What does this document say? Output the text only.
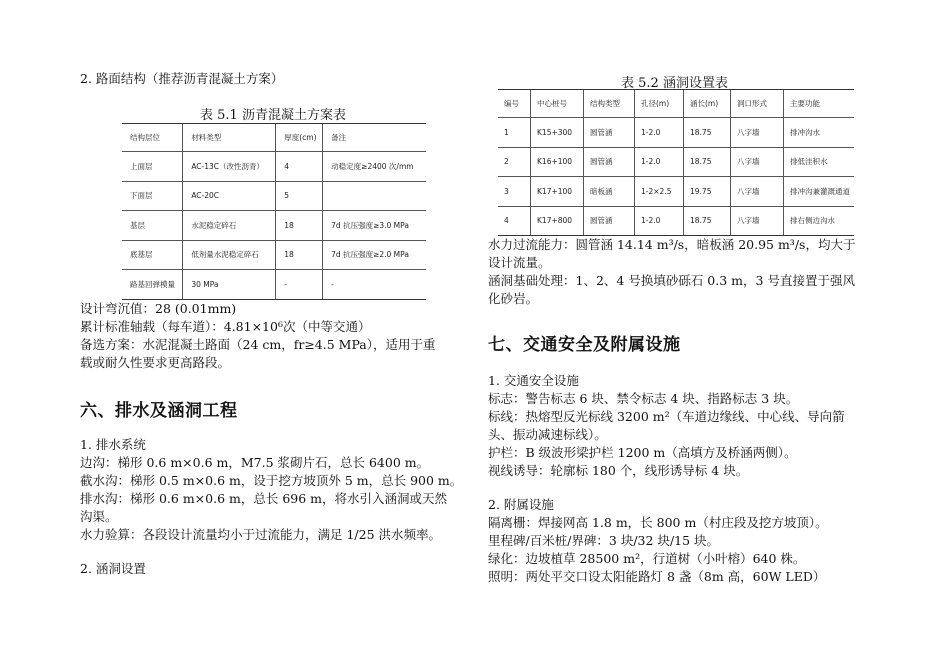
2. 路面结构（推荐沥青混凝土方案）
表 5.1 沥青混凝土方案表
结构层位	材料类型	厚度(cm)	备注
上面层	AC-13C（改性沥青）	4	动稳定度≥2400 次/mm
下面层	AC-20C	5	
基层	水泥稳定碎石	18	7d 抗压强度≥3.0 MPa
底基层	低剂量水泥稳定碎石	18	7d 抗压强度≥2.0 MPa
路基回弹模量	30 MPa	-	-
设计弯沉值：28 (0.01mm)
累计标准轴载（每车道）：4.81×10⁶次（中等交通）
备选方案：水泥混凝土路面（24 cm，fr≥4.5 MPa），适用于重
载或耐久性要求更高路段。
六、排水及涵洞工程
1. 排水系统
边沟：梯形 0.6 m×0.6 m，M7.5 浆砌片石，总长 6400 m。
截水沟：梯形 0.5 m×0.6 m，设于挖方坡顶外 5 m，总长 900 m。
排水沟：梯形 0.6 m×0.6 m，总长 696 m，将水引入涵洞或天然
沟渠。
水力验算：各段设计流量均小于过流能力，满足 1/25 洪水频率。
2. 涵洞设置
表 5.2 涵洞设置表
编号	中心桩号	结构类型	孔径(m)	涵长(m)	洞口形式	主要功能
1	K15+300	圆管涵	1-2.0	18.75	八字墙	排冲沟水
2	K16+100	圆管涵	1-2.0	18.75	八字墙	排低洼积水
3	K17+100	暗板涵	1-2×2.5	19.75	八字墙	排冲沟兼灌溉通道
4	K17+800	圆管涵	1-2.0	18.75	八字墙	排右侧边沟水
水力过流能力：圆管涵 14.14 m³/s，暗板涵 20.95 m³/s，均大于
设计流量。
涵洞基础处理：1、2、4 号换填砂砾石 0.3 m，3 号直接置于强风
化砂岩。
七、交通安全及附属设施
1. 交通安全设施
标志：警告标志 6 块、禁令标志 4 块、指路标志 3 块。
标线：热熔型反光标线 3200 m²（车道边缘线、中心线、导向箭
头、振动减速标线）。
护栏：B 级波形梁护栏 1200 m（高填方及桥涵两侧）。
视线诱导：轮廓标 180 个，线形诱导标 4 块。
2. 附属设施
隔离栅：焊接网高 1.8 m，长 800 m（村庄段及挖方坡顶）。
里程碑/百米桩/界碑：3 块/32 块/15 块。
绿化：边坡植草 28500 m²，行道树（小叶榕）640 株。
照明：两处平交口设太阳能路灯 8 盏（8m 高，60W LED）
